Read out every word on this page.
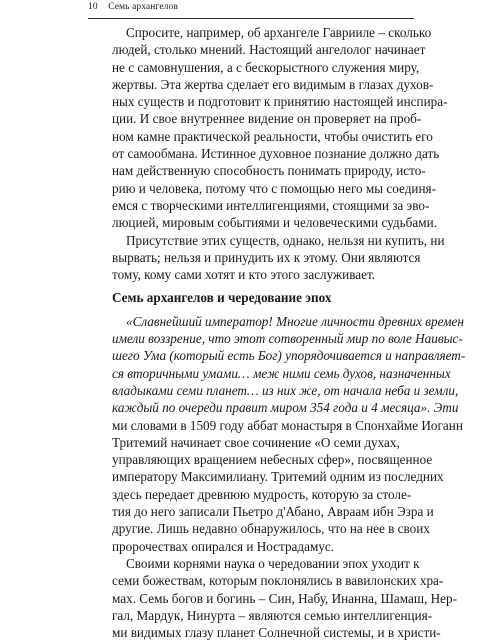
10 Семь архангелов
Спросите, например, об архангеле Гавриилe – сколько
людей, столько мнений. Настоящий ангелолог начинает
не с самовнушения, а с бескорыстного служения миру,
жертвы. Эта жертва сделает его видимым в глазах духов-
ных существ и подготовит к принятию настоящей инспира-
ции. И свое внутреннее видение он проверяет на проб-
ном камне практической реальности, чтобы очистить его
от самообмана. Истинное духовное познание должно дать
нам действенную способность понимать природу, исто-
рию и человека, потому что с помощью него мы соединя-
емся с творческими интеллигенциями, стоящими за эво-
люцией, мировым событиями и человеческими судьбами.
Присутствие этих существ, однако, нельзя ни купить, ни
вырвать; нельзя и принудить их к этому. Они являются
тому, кому сами хотят и кто этого заслуживает.
Семь архангелов и чередование эпох
«Славнейший император! Многие личности древних времен
имели воззрение, что этот сотворенный мир по воле Наивыс-
шего Ума (который есть Бог) упорядочивается и направляет-
ся вторичными умами… меж ними семь духов, назначенных
владыками семи планет… из них же, от начала неба и земли,
каждый по очереди правит миром 354 года и 4 месяца». Эти
ми словами в 1509 году аббат монастыря в Спонхайме Иоганн
Тритемий начинает свое сочинение «О семи духах,
управляющих вращением небесных сфер», посвященное
императору Максимилиану. Тритемий одним из последних
здесь передает древнюю мудрость, которую за столе-
тия до него записали Пьетро д'Абано, Авраам ибн Эзра и
другие. Лишь недавно обнаружилось, что на нее в своих
пророчествах опирался и Нострадамус.
Своими корнями наука о чередовании эпох уходит к
семи божествам, которым поклонялись в вавилонских хра-
мах. Семь богов и богинь – Син, Набу, Инанна, Шамаш, Нер-
гал, Мардук, Нинурта – являются семью интеллигенция-
ми видимых глазу планет Солнечной системы, и в христи-
